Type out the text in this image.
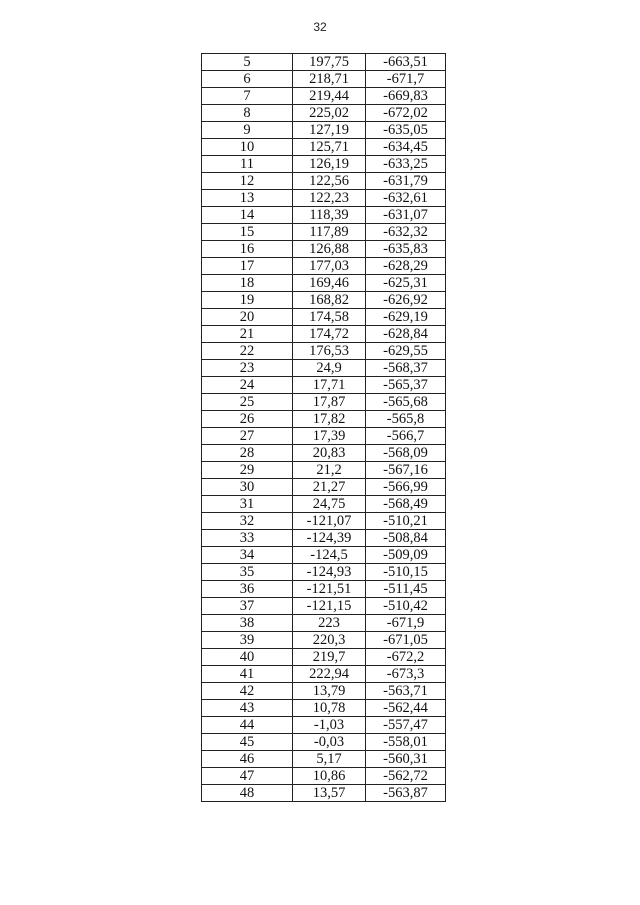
32
5	197,75	-663,51
6	218,71	-671,7
7	219,44	-669,83
8	225,02	-672,02
9	127,19	-635,05
10	125,71	-634,45
11	126,19	-633,25
12	122,56	-631,79
13	122,23	-632,61
14	118,39	-631,07
15	117,89	-632,32
16	126,88	-635,83
17	177,03	-628,29
18	169,46	-625,31
19	168,82	-626,92
20	174,58	-629,19
21	174,72	-628,84
22	176,53	-629,55
23	24,9	-568,37
24	17,71	-565,37
25	17,87	-565,68
26	17,82	-565,8
27	17,39	-566,7
28	20,83	-568,09
29	21,2	-567,16
30	21,27	-566,99
31	24,75	-568,49
32	-121,07	-510,21
33	-124,39	-508,84
34	-124,5	-509,09
35	-124,93	-510,15
36	-121,51	-511,45
37	-121,15	-510,42
38	223	-671,9
39	220,3	-671,05
40	219,7	-672,2
41	222,94	-673,3
42	13,79	-563,71
43	10,78	-562,44
44	-1,03	-557,47
45	-0,03	-558,01
46	5,17	-560,31
47	10,86	-562,72
48	13,57	-563,87
